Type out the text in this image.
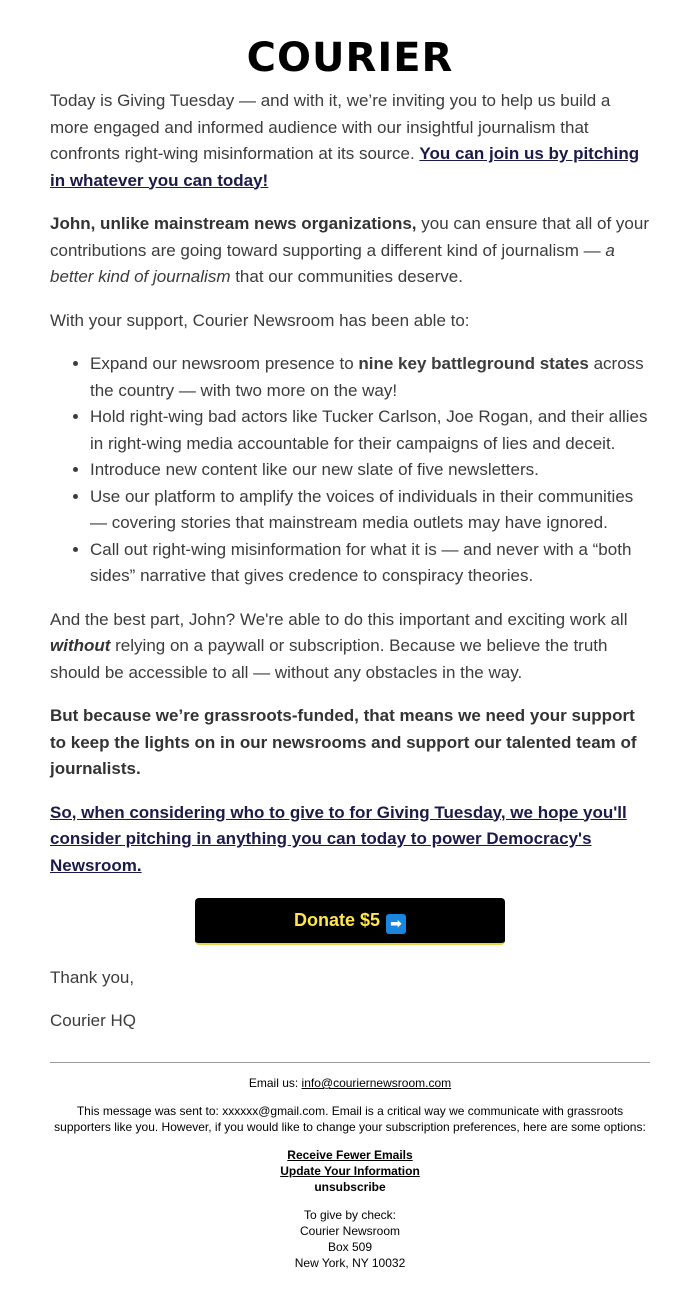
COURIER

Today is Giving Tuesday — and with it, we’re inviting you to help us build a more engaged and informed audience with our insightful journalism that confronts right-wing misinformation at its source. You can join us by pitching in whatever you can today!

John, unlike mainstream news organizations, you can ensure that all of your contributions are going toward supporting a different kind of journalism — a better kind of journalism that our communities deserve.

With your support, Courier Newsroom has been able to:

• Expand our newsroom presence to nine key battleground states across the country — with two more on the way!
• Hold right-wing bad actors like Tucker Carlson, Joe Rogan, and their allies in right-wing media accountable for their campaigns of lies and deceit.
• Introduce new content like our new slate of five newsletters.
• Use our platform to amplify the voices of individuals in their communities — covering stories that mainstream media outlets may have ignored.
• Call out right-wing misinformation for what it is — and never with a “both sides” narrative that gives credence to conspiracy theories.

And the best part, John? We're able to do this important and exciting work all without relying on a paywall or subscription. Because we believe the truth should be accessible to all — without any obstacles in the way.

But because we’re grassroots-funded, that means we need your support to keep the lights on in our newsrooms and support our talented team of journalists.

So, when considering who to give to for Giving Tuesday, we hope you'll consider pitching in anything you can today to power Democracy's Newsroom.

Donate $5 ➡

Thank you,

Courier HQ

Email us: info@couriernewsroom.com

This message was sent to: xxxxxx@gmail.com. Email is a critical way we communicate with grassroots supporters like you. However, if you would like to change your subscription preferences, here are some options:

Receive Fewer Emails
Update Your Information
unsubscribe

To give by check:
Courier Newsroom
Box 509
New York, NY 10032
